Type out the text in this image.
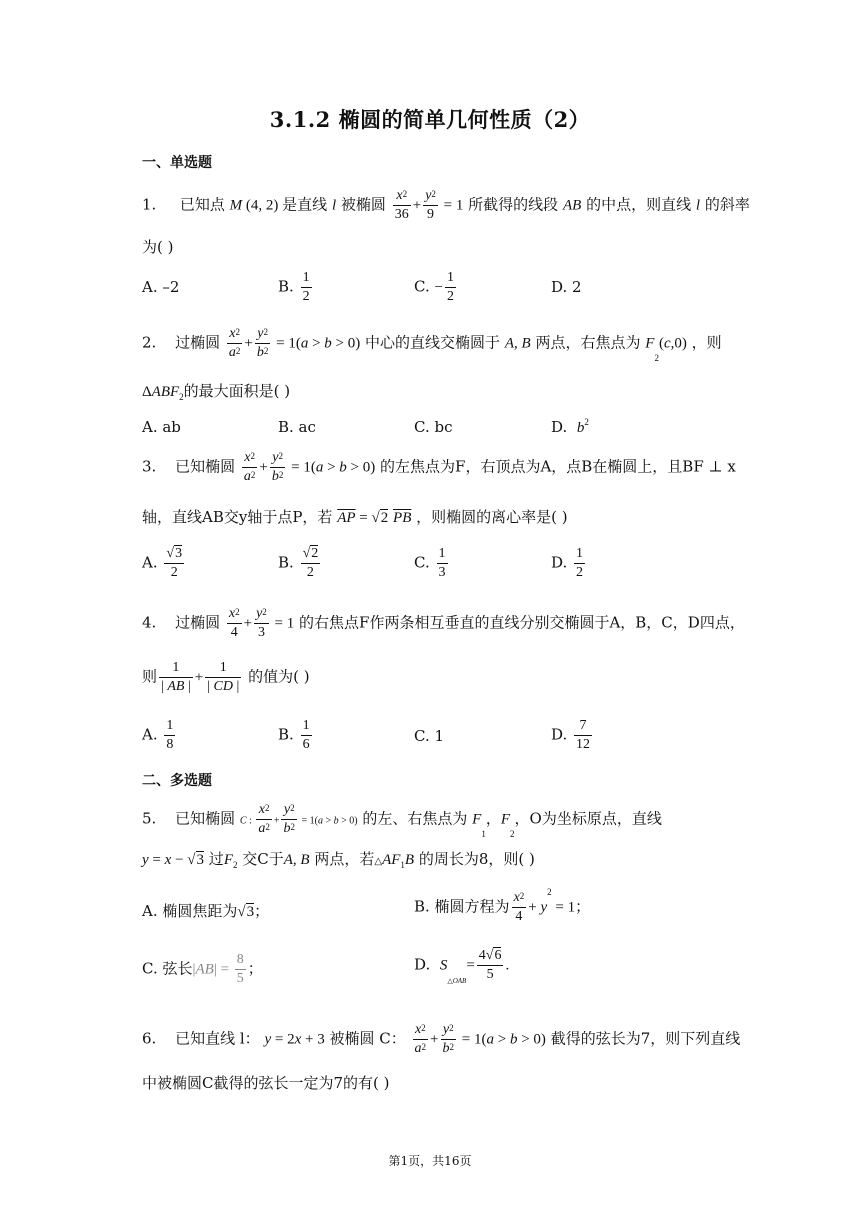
3.1.2 椭圆的简单几何性质（2）
一、单选题
1. 已知点 M (4, 2) 是直线 l 被椭圆 $\frac{x^2}{36} + \frac{y^2}{9} = 1$ 所截得的线段 AB 的中点，则直线 l 的斜率
为( )
A. –2	B. $\frac{1}{2}$	C. − $\frac{1}{2}$	D. 2
2. 过椭圆 $\frac{x^2}{a^2} + \frac{y^2}{b^2} = 1(a > b > 0)$ 中心的直线交椭圆于 A, B 两点，右焦点为 $F_2(c,0)$ ，则
$\Delta ABF_2$的最大面积是( )
A. ab	B. ac	C. bc	D. $b^2$
3. 已知椭圆 $\frac{x^2}{a^2} + \frac{y^2}{b^2} = 1(a > b > 0)$ 的左焦点为F，右顶点为A，点B在椭圆上，且BF ⊥ x
轴，直线AB交y轴于点P，若 $\overline{AP} = √2$ $\overline{PB}$ ，则椭圆的离心率是( )
A. $\frac{√3}{2}$	B. $\frac{√2}{2}$	C. $\frac{1}{3}$	D. $\frac{1}{2}$
4. 过椭圆 $\frac{x^2}{4} + \frac{y^2}{3} = 1$ 的右焦点F作两条相互垂直的直线分别交椭圆于A，B，C，D四点，
则 $\frac{1}{| AB |} + \frac{1}{| CD |}$ 的值为( )
A. $\frac{1}{8}$	B. $\frac{1}{6}$	C. 1	D. $\frac{7}{12}$
二、多选题
5. 已知椭圆 C : $\frac{x^2}{a^2} + \frac{y^2}{b^2} = 1(a > b > 0)$ 的左、右焦点为 $F_1$，$F_2$，O为坐标原点，直线
y = x − √3 过$F_2$ 交C于A, B 两点，若$\triangle AF_1B$ 的周长为8，则( )
A. 椭圆焦距为√3；	B. 椭圆方程为 $\frac{x^2}{4} + y^2 = 1$；
C. 弦长$|AB| = \frac{8}{5}$ ；	D. $S_{\triangle OAB}= \frac{4√6}{5}$ .
6. 已知直线 l： y = 2x + 3 被椭圆 C： $\frac{x^2}{a^2} + \frac{y^2}{b^2} = 1(a > b > 0)$ 截得的弦长为7，则下列直线
中被椭圆C截得的弦长一定为7的有( )
第1页，共16页
